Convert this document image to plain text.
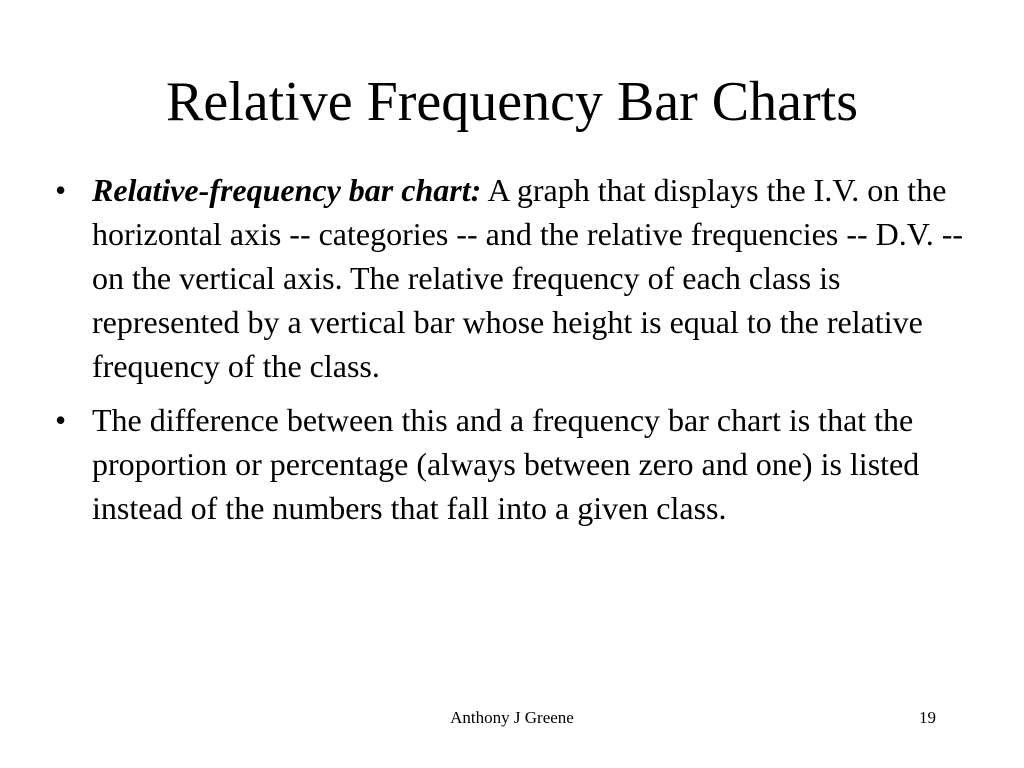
Relative Frequency Bar Charts
• Relative-frequency bar chart: A graph that displays the I.V. on the horizontal axis -- categories -- and the relative frequencies -- D.V. -- on the vertical axis. The relative frequency of each class is represented by a vertical bar whose height is equal to the relative frequency of the class.
• The difference between this and a frequency bar chart is that the proportion or percentage (always between zero and one) is listed instead of the numbers that fall into a given class.
Anthony J Greene	19
